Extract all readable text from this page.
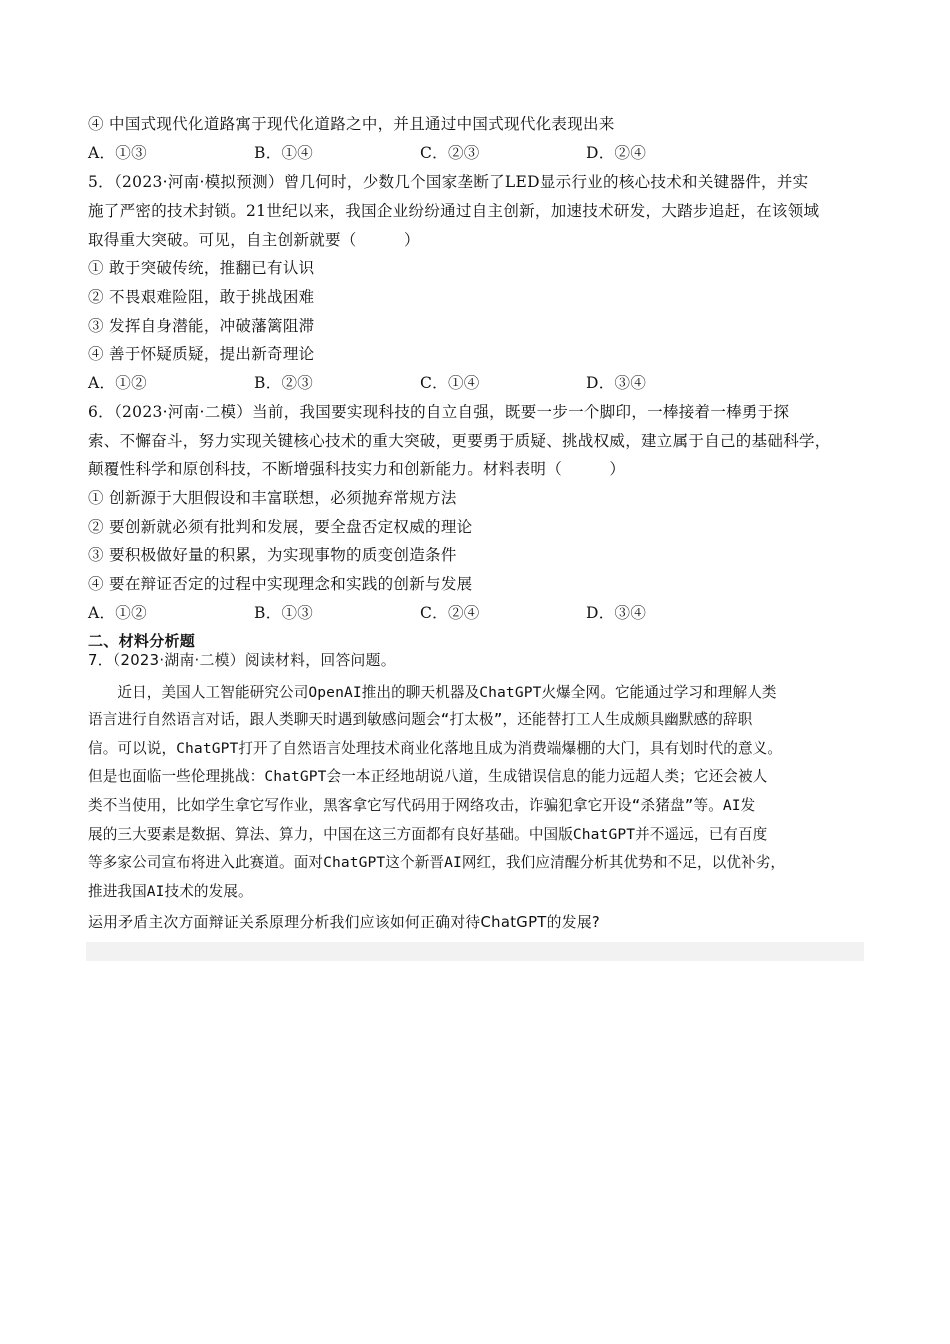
④ 中国式现代化道路寓于现代化道路之中，并且通过中国式现代化表现出来
A．①③	B．①④	C．②③	D．②④
5．（2023·河南·模拟预测）曾几何时，少数几个国家垄断了LED显示行业的核心技术和关键器件，并实
施了严密的技术封锁。21世纪以来，我国企业纷纷通过自主创新，加速技术研发，大踏步追赶，在该领域
取得重大突破。可见，自主创新就要（　　　）
① 敢于突破传统，推翻已有认识
② 不畏艰难险阻，敢于挑战困难
③ 发挥自身潜能，冲破藩篱阻滞
④ 善于怀疑质疑，提出新奇理论
A．①②	B．②③	C．①④	D．③④
6．（2023·河南·二模）当前，我国要实现科技的自立自强，既要一步一个脚印，一棒接着一棒勇于探
索、不懈奋斗，努力实现关键核心技术的重大突破，更要勇于质疑、挑战权威，建立属于自己的基础科学，
颠覆性科学和原创科技，不断增强科技实力和创新能力。材料表明（　　　）
① 创新源于大胆假设和丰富联想，必须抛弃常规方法
② 要创新就必须有批判和发展，要全盘否定权威的理论
③ 要积极做好量的积累，为实现事物的质变创造条件
④ 要在辩证否定的过程中实现理念和实践的创新与发展
A．①②	B．①③	C．②④	D．③④
二、材料分析题
7．（2023·湖南·二模）阅读材料，回答问题。
　　近日，美国人工智能研究公司OpenAI推出的聊天机器及ChatGPT火爆全网。它能通过学习和理解人类
语言进行自然语言对话，跟人类聊天时遇到敏感问题会“打太极”，还能替打工人生成颇具幽默感的辞职
信。可以说，ChatGPT打开了自然语言处理技术商业化落地且成为消费端爆棚的大门，具有划时代的意义。
但是也面临一些伦理挑战：ChatGPT会一本正经地胡说八道，生成错误信息的能力远超人类；它还会被人
类不当使用，比如学生拿它写作业，黑客拿它写代码用于网络攻击，诈骗犯拿它开设“杀猪盘”等。AI发
展的三大要素是数据、算法、算力，中国在这三方面都有良好基础。中国版ChatGPT并不遥远，已有百度
等多家公司宣布将进入此赛道。面对ChatGPT这个新晋AI网红，我们应清醒分析其优势和不足，以优补劣，
推进我国AI技术的发展。
运用矛盾主次方面辩证关系原理分析我们应该如何正确对待ChatGPT的发展?
